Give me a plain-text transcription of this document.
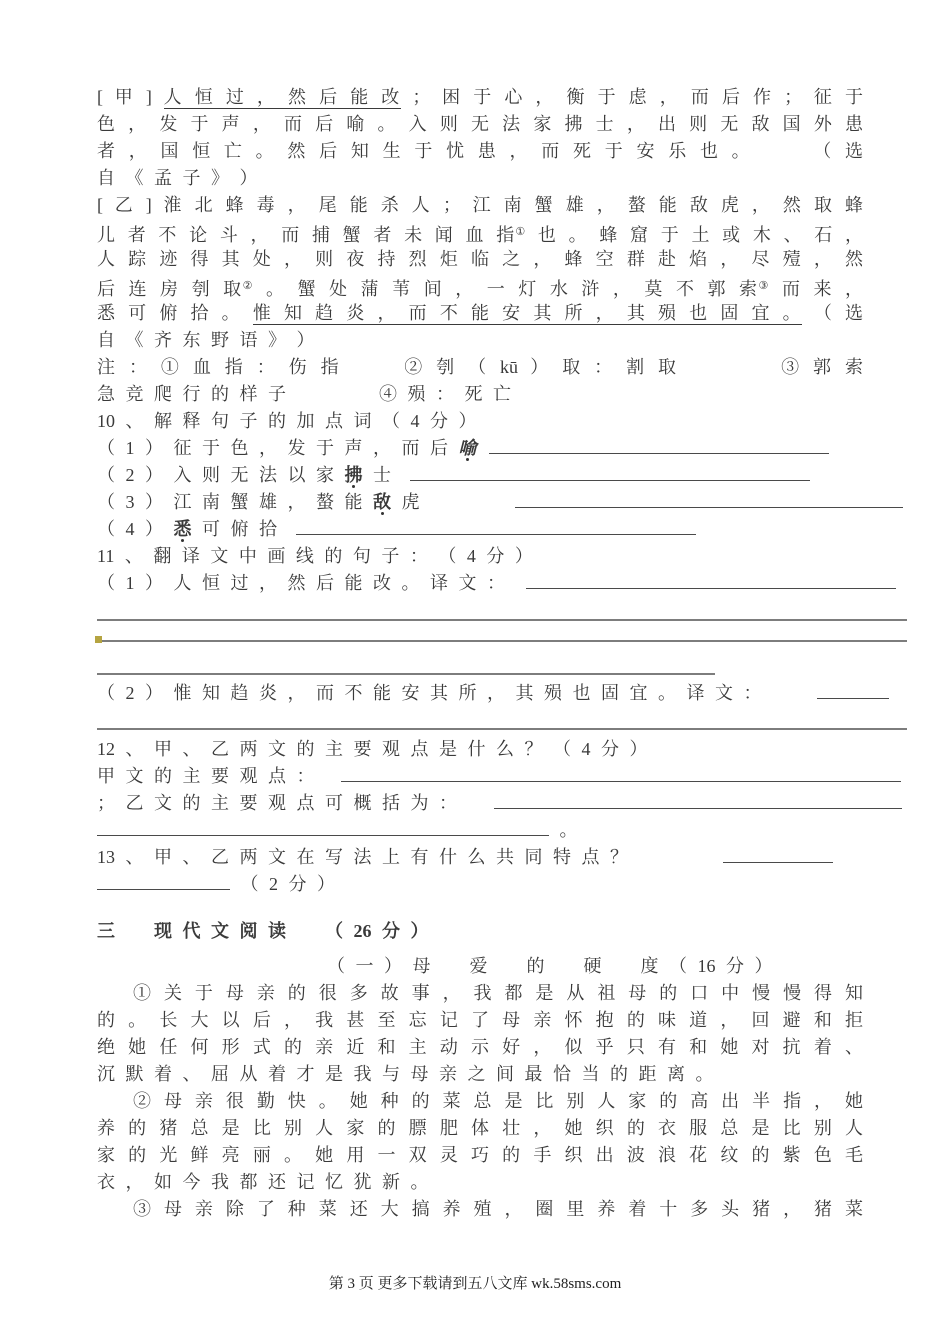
[ 甲 ] 人 恒 过 ， 然 后 能 改 ； 困 于 心 ， 衡 于 虑 ， 而 后 作 ； 征 于
色 ， 发 于 声 ， 而 后 喻 。 入 则 无 法 家 拂 士 ， 出 则 无 敌 国 外 患
者 ， 国 恒 亡 。 然 后 知 生 于 忧 患 ， 而 死 于 安 乐 也 。 　　　（ 选
自 《 孟 子 》 ）
[ 乙 ] 淮 北 蜂 毒 ， 尾 能 杀 人 ； 江 南 蟹 雄 ， 螯 能 敌 虎 ， 然 取 蜂
儿 者 不 论 斗 ， 而 捕 蟹 者 未 闻 血 指① 也 。 蜂 窟 于 土 或 木 、 石 ，
人 踪 迹 得 其 处 ， 则 夜 持 烈 炬 临 之 ， 蜂 空 群 赴 焰 ， 尽 殪 ， 然
后 连 房 刳 取② 。 蟹 处 蒲 苇 间 ， 一 灯 水 浒 ， 莫 不 郭 索③ 而 来 ，
悉 可 俯 拾 。 惟 知 趋 炎 ， 而 不 能 安 其 所 ， 其 殒 也 固 宜 。 （ 选
自 《 齐 东 野 语 》 ）
注 ： ① 血 指 ： 伤 指 　　 ② 刳 （ kū ） 取 ： 割 取 　　　　 ③ 郭 索
急 竞 爬 行 的 样 子 　　　　 ④ 殒 ： 死 亡
10 、 解 释 句 子 的 加 点 词 （ 4 分 ）
（ 1 ） 征 于 色 ， 发 于 声 ， 而 后 喻
（ 2 ） 入 则 无 法 以 家 拂 士
（ 3 ） 江 南 蟹 雄 ， 螯 能 敌 虎
（ 4 ） 悉 可 俯 拾
11 、 翻 译 文 中 画 线 的 句 子 ： （ 4 分 ）
（ 1 ） 人 恒 过 ， 然 后 能 改 。 译 文 ：
（ 2 ） 惟 知 趋 炎 ， 而 不 能 安 其 所 ， 其 殒 也 固 宜 。 译 文 ：
12 、 甲 、 乙 两 文 的 主 要 观 点 是 什 么 ？ （ 4 分 ）
甲 文 的 主 要 观 点 ：
； 乙 文 的 主 要 观 点 可 概 括 为 ：
。
13 、 甲 、 乙 两 文 在 写 法 上 有 什 么 共 同 特 点 ？
（ 2 分 ）
三 　 现 代 文 阅 读 　 （ 26 分 ）
（ 一 ） 母 　 爱 　 的 　 硬 　 度 （ 16 分 ）
① 关 于 母 亲 的 很 多 故 事 ， 我 都 是 从 祖 母 的 口 中 慢 慢 得 知
的 。 长 大 以 后 ， 我 甚 至 忘 记 了 母 亲 怀 抱 的 味 道 ， 回 避 和 拒
绝 她 任 何 形 式 的 亲 近 和 主 动 示 好 ， 似 乎 只 有 和 她 对 抗 着 、
沉 默 着 、 屈 从 着 才 是 我 与 母 亲 之 间 最 恰 当 的 距 离 。
② 母 亲 很 勤 快 。 她 种 的 菜 总 是 比 别 人 家 的 高 出 半 指 ， 她
养 的 猪 总 是 比 别 人 家 的 膘 肥 体 壮 ， 她 织 的 衣 服 总 是 比 别 人
家 的 光 鲜 亮 丽 。 她 用 一 双 灵 巧 的 手 织 出 波 浪 花 纹 的 紫 色 毛
衣 ， 如 今 我 都 还 记 忆 犹 新 。
③ 母 亲 除 了 种 菜 还 大 搞 养 殖 ， 圈 里 养 着 十 多 头 猪 ， 猪 菜
第 3 页 更多下载请到五八文库 wk.58sms.com
